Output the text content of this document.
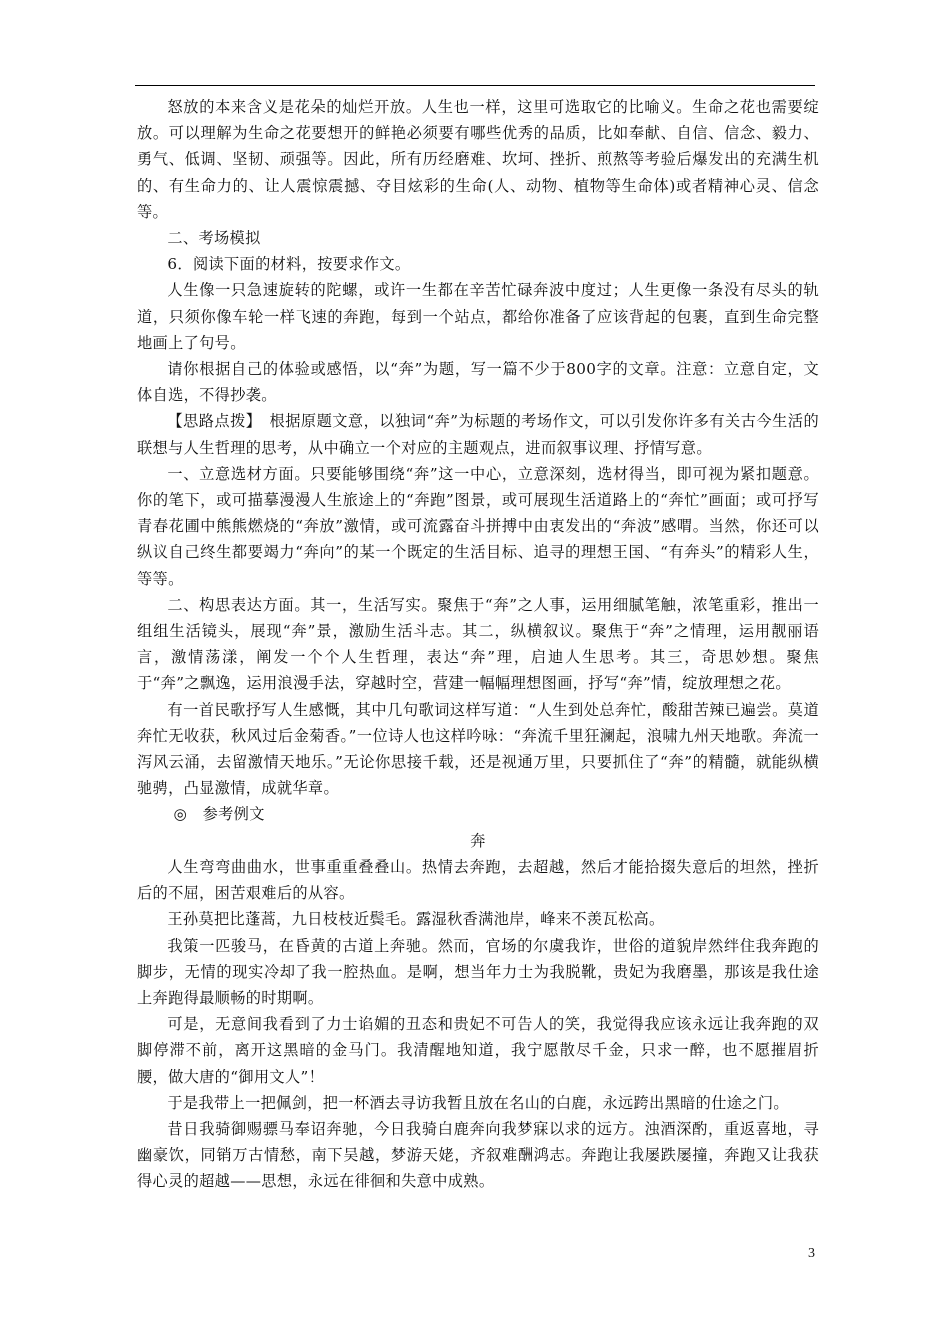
怒放的本来含义是花朵的灿烂开放。人生也一样，这里可选取它的比喻义。生命之花也需要绽放。可以理解为生命之花要想开的鲜艳必须要有哪些优秀的品质，比如奉献、自信、信念、毅力、勇气、低调、坚韧、顽强等。因此，所有历经磨难、坎坷、挫折、煎熬等考验后爆发出的充满生机的、有生命力的、让人震惊震撼、夺目炫彩的生命(人、动物、植物等生命体)或者精神心灵、信念等。

二、考场模拟

6．阅读下面的材料，按要求作文。

人生像一只急速旋转的陀螺，或许一生都在辛苦忙碌奔波中度过；人生更像一条没有尽头的轨道，只须你像车轮一样飞速的奔跑，每到一个站点，都给你准备了应该背起的包裹，直到生命完整地画上了句号。

请你根据自己的体验或感悟，以“奔”为题，写一篇不少于800字的文章。注意：立意自定，文体自选，不得抄袭。

【思路点拨】　根据原题文意，以独词“奔”为标题的考场作文，可以引发你许多有关古今生活的联想与人生哲理的思考，从中确立一个对应的主题观点，进而叙事议理、抒情写意。

一、立意选材方面。只要能够围绕“奔”这一中心，立意深刻，选材得当，即可视为紧扣题意。你的笔下，或可描摹漫漫人生旅途上的“奔跑”图景，或可展现生活道路上的“奔忙”画面；或可抒写青春花圃中熊熊燃烧的“奔放”激情，或可流露奋斗拼搏中由衷发出的“奔波”感喟。当然，你还可以纵议自己终生都要竭力“奔向”的某一个既定的生活目标、追寻的理想王国、“有奔头”的精彩人生，等等。

二、构思表达方面。其一，生活写实。聚焦于“奔”之人事，运用细腻笔触，浓笔重彩，推出一组组生活镜头，展现“奔”景，激励生活斗志。其二，纵横叙议。聚焦于“奔”之情理，运用靓丽语言，激情荡漾，阐发一个个人生哲理，表达“奔”理，启迪人生思考。其三，奇思妙想。聚焦于“奔”之飘逸，运用浪漫手法，穿越时空，营建一幅幅理想图画，抒写“奔”情，绽放理想之花。

有一首民歌抒写人生感慨，其中几句歌词这样写道：“人生到处总奔忙，酸甜苦辣已遍尝。莫道奔忙无收获，秋风过后金菊香。”一位诗人也这样吟咏：“奔流千里狂澜起，浪啸九州天地歌。奔流一泻风云涌，去留激情天地乐。”无论你思接千载，还是视通万里，只要抓住了“奔”的精髓，就能纵横驰骋，凸显激情，成就华章。

◎　参考例文

奔

人生弯弯曲曲水，世事重重叠叠山。热情去奔跑，去超越，然后才能拾掇失意后的坦然，挫折后的不屈，困苦艰难后的从容。

王孙莫把比蓬蒿，九日枝枝近鬓毛。露湿秋香满池岸，峰来不羡瓦松高。

我策一匹骏马，在昏黄的古道上奔驰。然而，官场的尔虞我诈，世俗的道貌岸然绊住我奔跑的脚步，无情的现实冷却了我一腔热血。是啊，想当年力士为我脱靴，贵妃为我磨墨，那该是我仕途上奔跑得最顺畅的时期啊。

可是，无意间我看到了力士谄媚的丑态和贵妃不可告人的笑，我觉得我应该永远让我奔跑的双脚停滞不前，离开这黑暗的金马门。我清醒地知道，我宁愿散尽千金，只求一醉，也不愿摧眉折腰，做大唐的“御用文人”！

于是我带上一把佩剑，把一杯酒去寻访我暂且放在名山的白鹿，永远跨出黑暗的仕途之门。

昔日我骑御赐骠马奉诏奔驰，今日我骑白鹿奔向我梦寐以求的远方。浊酒深酌，重返喜地，寻幽豪饮，同销万古情愁，南下吴越，梦游天姥，齐叙难酬鸿志。奔跑让我屡跌屡撞，奔跑又让我获得心灵的超越——思想，永远在徘徊和失意中成熟。

3
